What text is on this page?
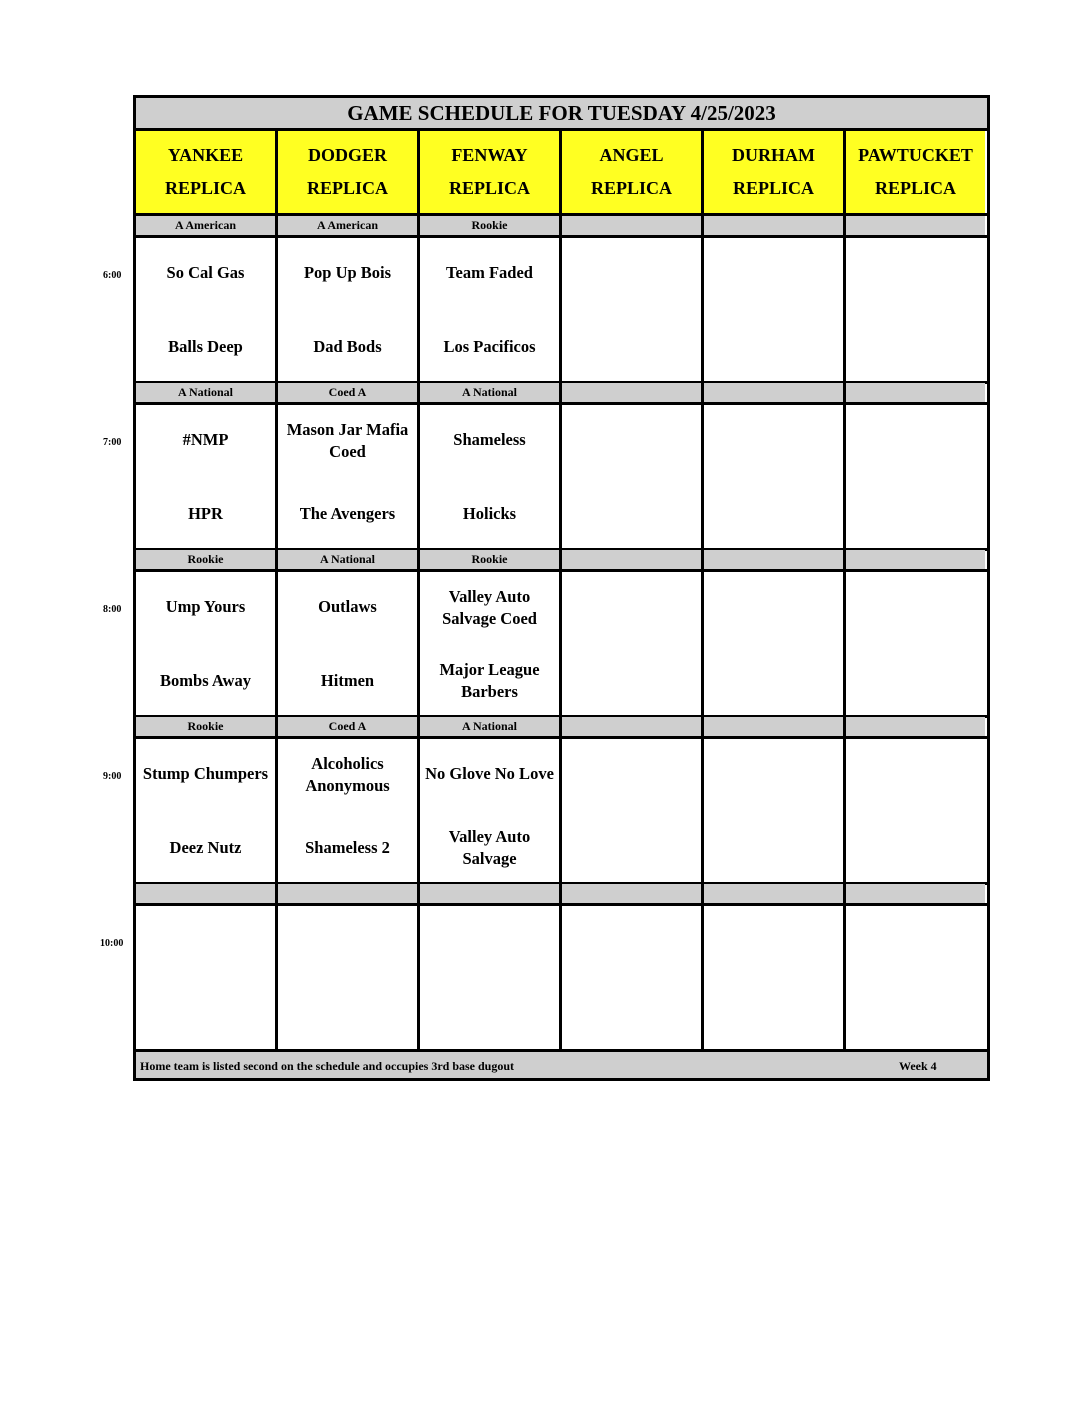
GAME SCHEDULE FOR TUESDAY 4/25/2023
Home team is listed second on the schedule and occupies 3rd base dugout	Week 4
YANKEE
REPLICA
DODGER
REPLICA
FENWAY
REPLICA
ANGEL
REPLICA
DURHAM
REPLICA
PAWTUCKET
REPLICA
A American
So Cal Gas
Balls Deep
A American
Pop Up Bois
Dad Bods
Rookie
Team Faded
Los Pacificos
A National
#NMP
HPR
Coed A
Mason Jar Mafia Coed
The Avengers
A National
Shameless
Holicks
Rookie
Ump Yours
Bombs Away
A National
Outlaws
Hitmen
Rookie
Valley Auto Salvage Coed
Major League Barbers
Rookie
Stump Chumpers
Deez Nutz
Coed A
Alcoholics Anonymous
Shameless 2
A National
No Glove No Love
Valley Auto Salvage
6:00
7:00
8:00
9:00
10:00
